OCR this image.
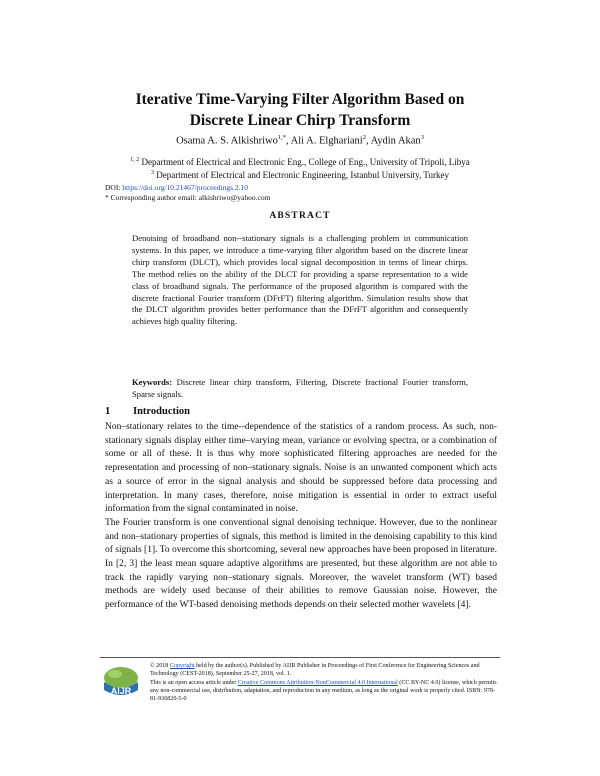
Iterative Time-Varying Filter Algorithm Based on
Discrete Linear Chirp Transform
Osama A. S. Alkishriwo$^{1,*}$, Ali A. Elghariani$^2$, Aydin Akan$^3$
$^{1, 2}$ Department of Electrical and Electronic Eng., College of Eng., University of Tripoli, Libya
$^3$ Department of Electrical and Electronic Engineering, Istanbul University, Turkey
DOI: https://doi.org/10.21467/proceedings.2.10
* Corresponding author email: alkishriwo@yahoo.com
ABSTRACT
Denoising of broadband non--stationary signals is a challenging problem in communication systems. In this paper, we introduce a time-varying filter algorithm based on the discrete linear chirp transform (DLCT), which provides local signal decomposition in terms of linear chirps. The method relies on the ability of the DLCT for providing a sparse representation to a wide class of broadband signals. The performance of the proposed algorithm is compared with the discrete fractional Fourier transform (DFrFT) filtering algorithm. Simulation results show that the DLCT algorithm provides better performance than the DFrFT algorithm and consequently achieves high quality filtering.
Keywords: Discrete linear chirp transform, Filtering, Discrete fractional Fourier transform, Sparse signals.
1 Introduction

Non–stationary relates to the time--dependence of the statistics of a random process. As such, non-stationary signals display either time–varying mean, variance or evolving spectra, or a combination of some or all of these. It is thus why more sophisticated filtering approaches are needed for the representation and processing of non–stationary signals. Noise is an unwanted component which acts as a source of error in the signal analysis and should be suppressed before data processing and interpretation. In many cases, therefore, noise mitigation is essential in order to extract useful information from the signal contaminated in noise.

The Fourier transform is one conventional signal denoising technique. However, due to the nonlinear and non–stationary properties of signals, this method is limited in the denoising capability to this kind of signals [1]. To overcome this shortcoming, several new approaches have been proposed in literature. In [2, 3] the least mean square adaptive algorithms are presented, but these algorithm are not able to track the rapidly varying non–stationary signals. Moreover, the wavelet transform (WT) based methods are widely used because of their abilities to remove Gaussian noise. However, the performance of the WT-based denoising methods depends on their selected mother wavelets [4].

AIJR
© 2018 Copyright held by the author(s). Published by AIJR Publisher in Proceedings of First Conference for Engineering Sciences and Technology (CEST-2018), September 25-27, 2018, vol. 1.
This is an open access article under Creative Commons Attribution-NonCommercial 4.0 International (CC BY-NC 4.0) license, which permits any non-commercial use, distribution, adaptation, and reproduction in any medium, as long as the original work is properly cited. ISBN: 978-81-936820-5-0
